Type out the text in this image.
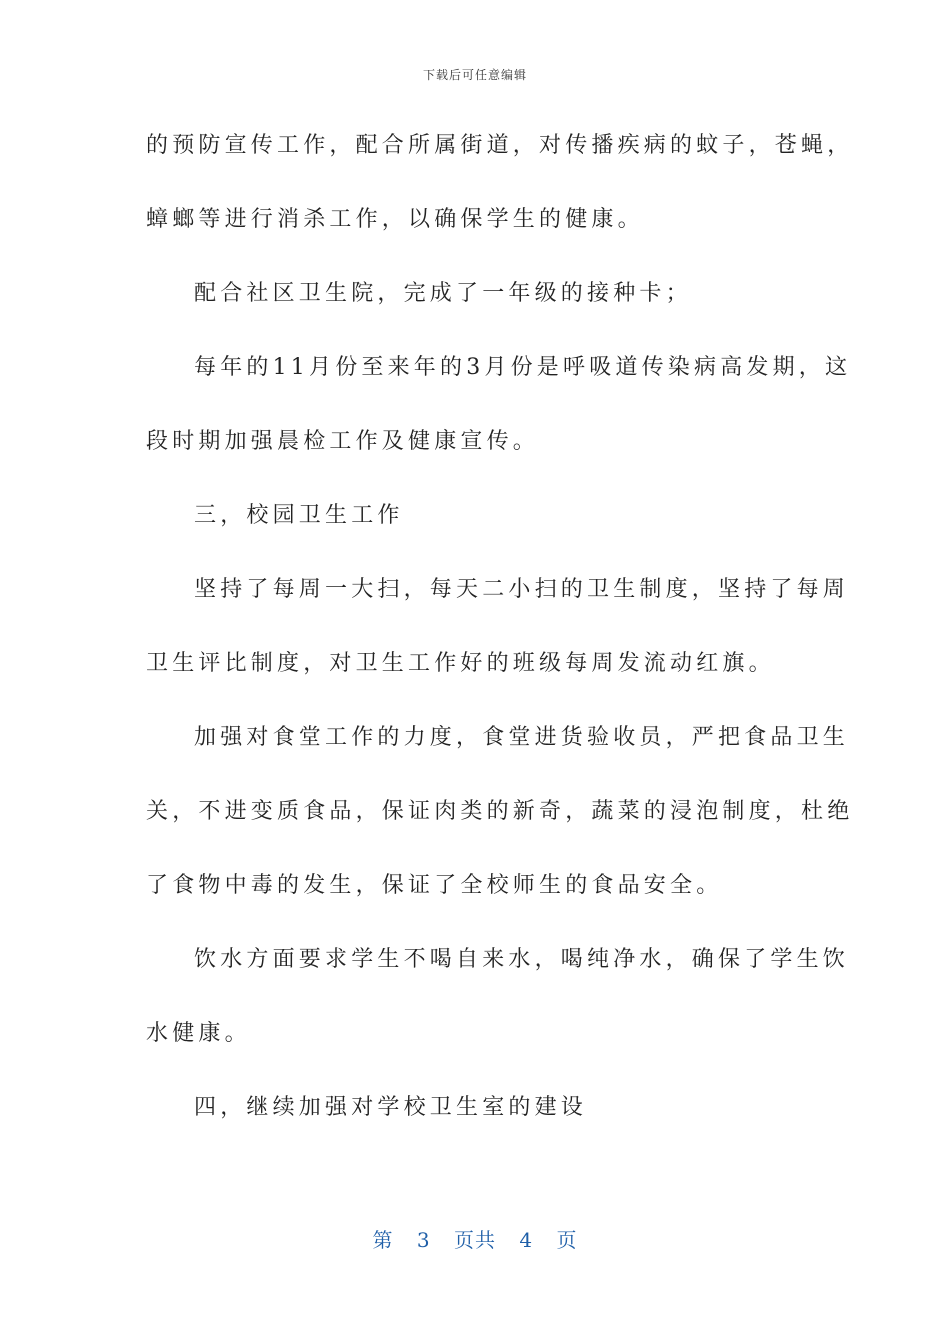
下载后可任意编辑
的预防宣传工作，配合所属街道，对传播疾病的蚊子，苍蝇，
蟑螂等进行消杀工作，以确保学生的健康。
配合社区卫生院，完成了一年级的接种卡；
每年的11月份至来年的3月份是呼吸道传染病高发期，这
段时期加强晨检工作及健康宣传。
三，校园卫生工作
坚持了每周一大扫，每天二小扫的卫生制度，坚持了每周
卫生评比制度，对卫生工作好的班级每周发流动红旗。
加强对食堂工作的力度，食堂进货验收员，严把食品卫生
关，不进变质食品，保证肉类的新奇，蔬菜的浸泡制度，杜绝
了食物中毒的发生，保证了全校师生的食品安全。
饮水方面要求学生不喝自来水，喝纯净水，确保了学生饮
水健康。
四，继续加强对学校卫生室的建设
第 3 页共 4 页
